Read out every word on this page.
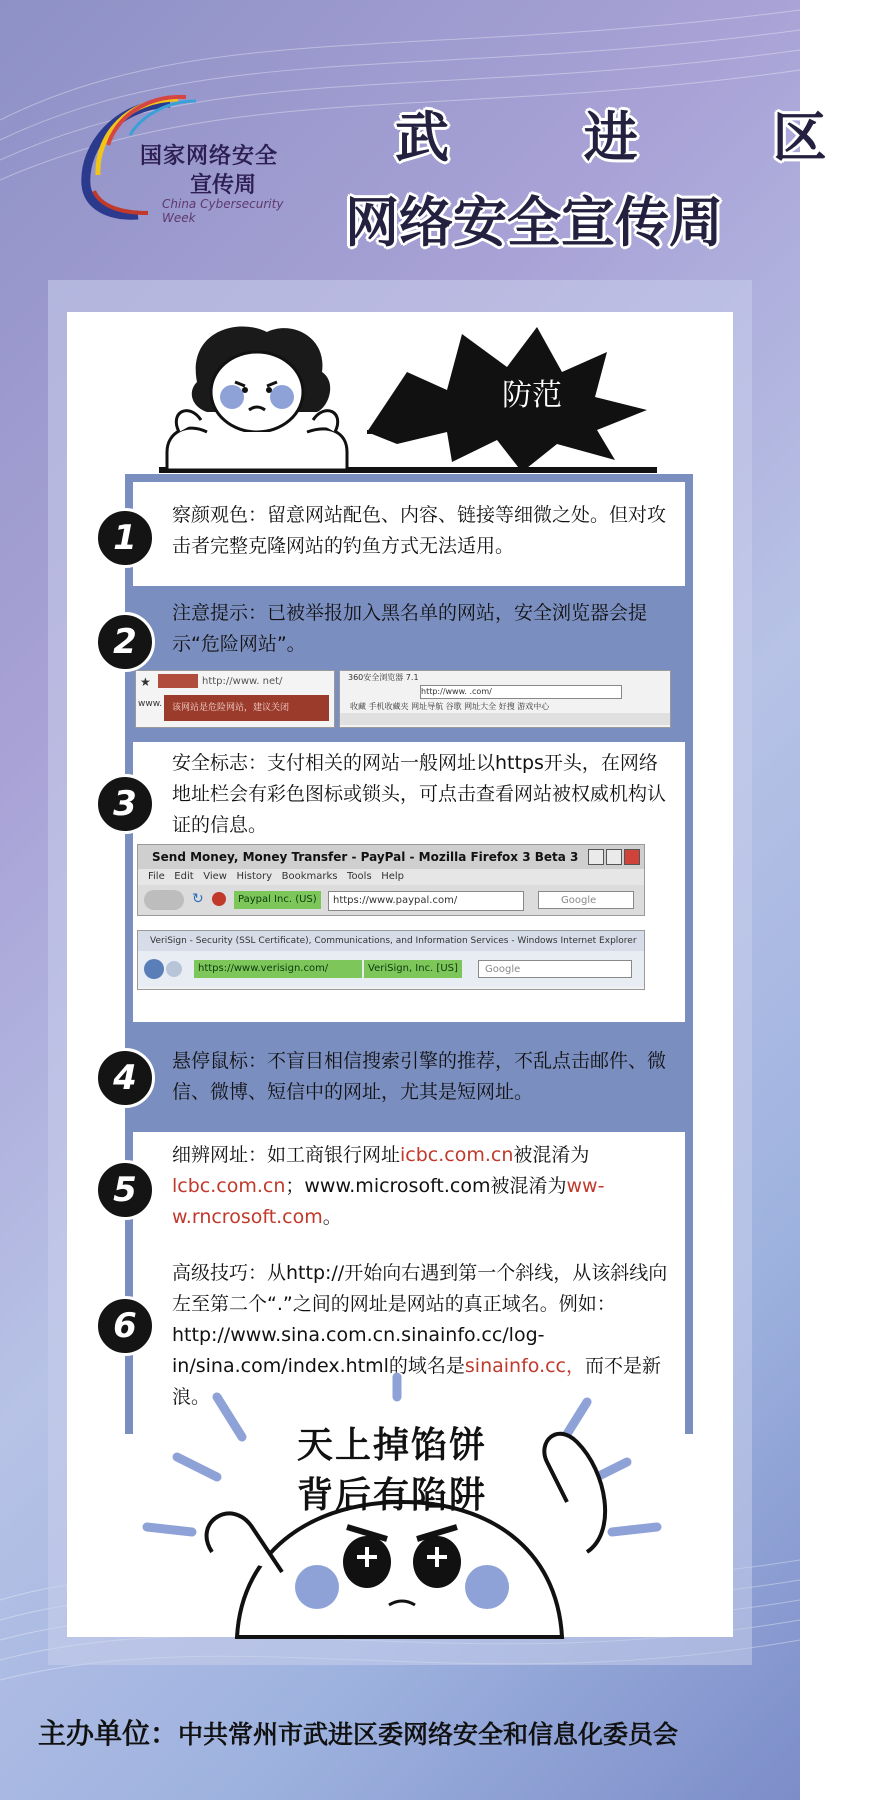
国家网络安全
宣传周
China Cybersecurity Week
武 进 区
网络安全宣传周
防范
1
察颜观色：留意网站配色、内容、链接等细微之处。但对攻击者完整克隆网站的钓鱼方式无法适用。
2
注意提示：已被举报加入黑名单的网站，安全浏览器会提示“危险网站”。
★	http://www. net/
www.	该网站是危险网站，建议关闭
360安全浏览器 7.1
http://www. .com/
收藏 手机收藏夹 网址导航 谷歌 网址大全 好搜 游戏中心
3
安全标志：支付相关的网站一般网址以https开头，在网络地址栏会有彩色图标或锁头，可点击查看网站被权威机构认证的信息。
Send Money, Money Transfer - PayPal - Mozilla Firefox 3 Beta 3
File Edit View History Bookmarks Tools Help
↻	Paypal Inc. (US)	https://www.paypal.com/	Google
VeriSign - Security (SSL Certificate), Communications, and Information Services - Windows Internet Explorer
https://www.verisign.com/	VeriSign, Inc. [US]	Google
4	悬停鼠标：不盲目相信搜索引擎的推荐，不乱点击邮件、微信、微博、短信中的网址，尤其是短网址。
5
细辨网址：如工商银行网址icbc.com.cn被混淆为lcbc.com.cn；www.microsoft.com被混淆为ww-w.rncrosoft.com。
6
高级技巧：从http://开始向右遇到第一个斜线，从该斜线向左至第二个“.”之间的网址是网站的真正域名。例如：http://www.sina.com.cn.sinainfo.cc/log-in/sina.com/index.html的域名是sinainfo.cc，而不是新浪。
天上掉馅饼
背后有陷阱
主办单位：中共常州市武进区委网络安全和信息化委员会
